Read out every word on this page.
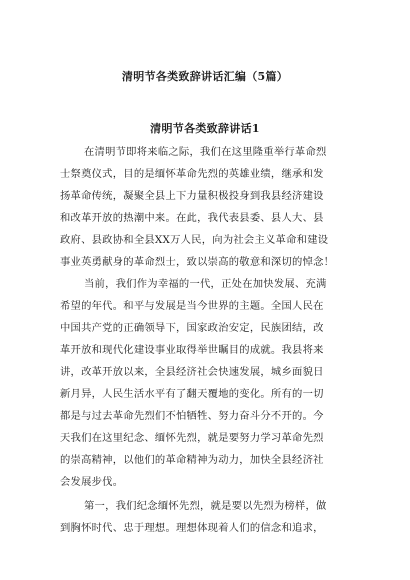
清明节各类致辞讲话汇编（5篇）
清明节各类致辞讲话1

在清明节即将来临之际，我们在这里隆重举行革命烈

士祭奠仪式，目的是缅怀革命先烈的英雄业绩，继承和发

扬革命传统，凝聚全县上下力量积极投身到我县经济建设

和改革开放的热潮中来。在此，我代表县委、县人大、县

政府、县政协和全县XX万人民，向为社会主义革命和建设

事业英勇献身的革命烈士，致以崇高的敬意和深切的悼念！

当前，我们作为幸福的一代，正处在加快发展、充满

希望的年代。和平与发展是当今世界的主题。全国人民在

中国共产党的正确领导下，国家政治安定，民族团结，改

革开放和现代化建设事业取得举世瞩目的成就。我县将来

讲，改革开放以来，全县经济社会快速发展，城乡面貌日

新月异，人民生活水平有了翻天覆地的变化。所有的一切

都是与过去革命先烈们不怕牺牲、努力奋斗分不开的。今

天我们在这里纪念、缅怀先烈，就是要努力学习革命先烈

的崇高精神，以他们的革命精神为动力，加快全县经济社

会发展步伐。

第一，我们纪念缅怀先烈，就是要以先烈为榜样，做

到胸怀时代、忠于理想。理想体现着人们的信念和追求，
